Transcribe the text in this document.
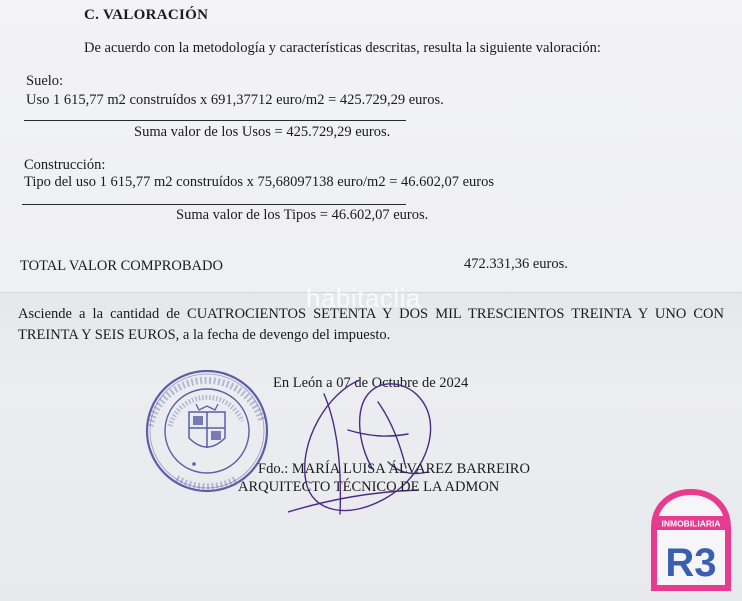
C. VALORACIÓN
De acuerdo con la metodología y características descritas, resulta la siguiente valoración:
Suelo:
Uso 1 615,77 m2 construídos x 691,37712 euro/m2 = 425.729,29 euros.
Suma valor de los Usos = 425.729,29 euros.
Construcción:
Tipo del uso 1 615,77 m2 construídos x 75,68097138 euro/m2 = 46.602,07 euros
Suma valor de los Tipos = 46.602,07 euros.
TOTAL VALOR COMPROBADO	472.331,36 euros.
habitaclia
Asciende a la cantidad de CUATROCIENTOS SETENTA Y DOS MIL TRESCIENTOS TREINTA Y UNO CON TREINTA Y SEIS EUROS, a la fecha de devengo del impuesto.
En León a 07 de Octubre de 2024
Fdo.: MARÍA LUISA ÁLVAREZ BARREIRO
ARQUITECTO TÉCNICO DE LA ADMON
INMOBILIARIA
R3
